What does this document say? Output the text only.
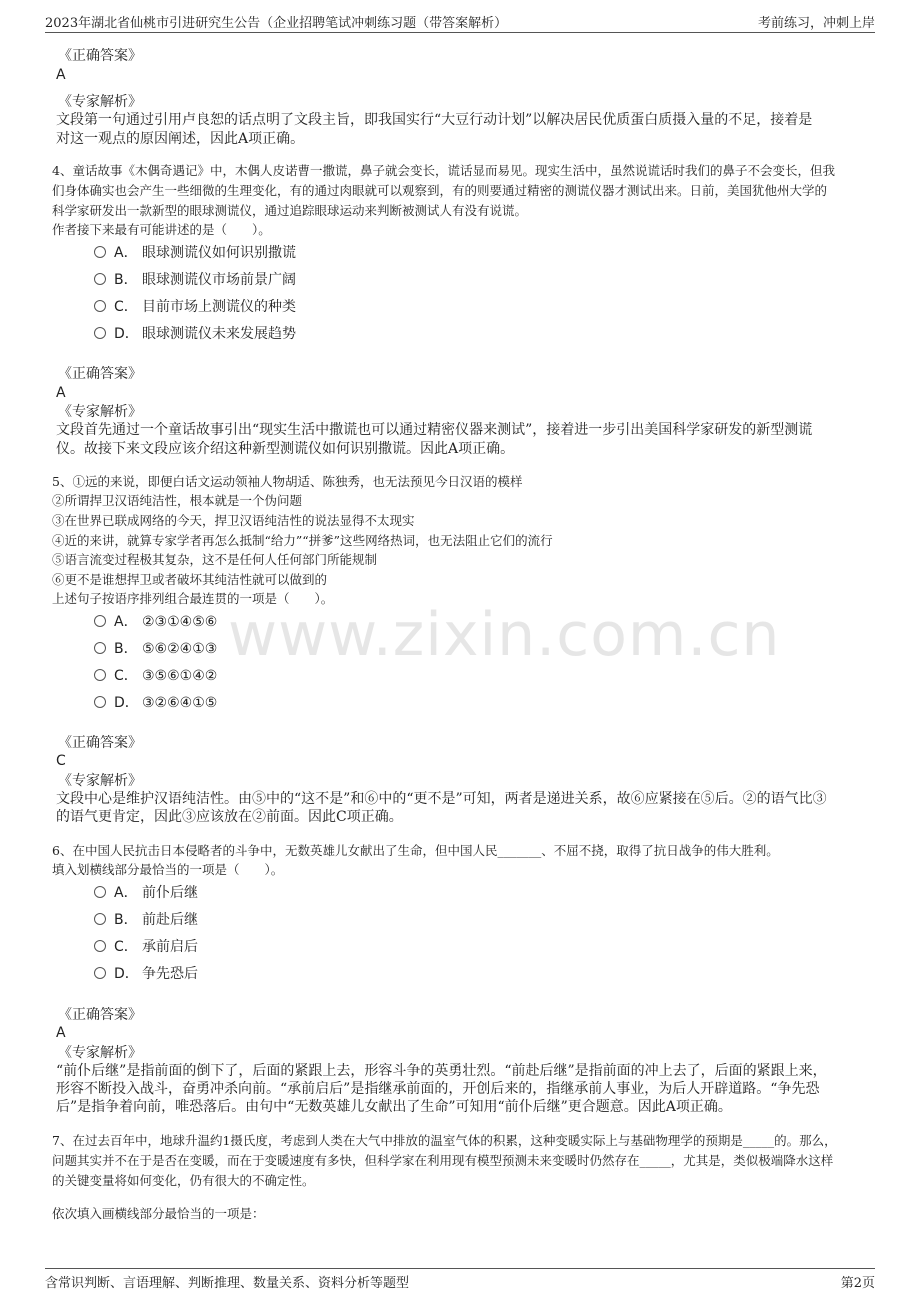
2023年湖北省仙桃市引进研究生公告（企业招聘笔试冲刺练习题（带答案解析）	考前练习，冲刺上岸
www.zixin.com.cn
《正确答案》
A
《专家解析》
文段第一句通过引用卢良恕的话点明了文段主旨，即我国实行“大豆行动计划”以解决居民优质蛋白质摄入量的不足，接着是
对这一观点的原因阐述，因此A项正确。
4、童话故事《木偶奇遇记》中，木偶人皮诺曹一撒谎，鼻子就会变长，谎话显而易见。现实生活中，虽然说谎话时我们的鼻子不会变长，但我
们身体确实也会产生一些细微的生理变化，有的通过肉眼就可以观察到，有的则要通过精密的测谎仪器才测试出来。日前，美国犹他州大学的
科学家研发出一款新型的眼球测谎仪，通过追踪眼球运动来判断被测试人有没有说谎。
作者接下来最有可能讲述的是（　　）。
A． 眼球测谎仪如何识别撒谎
B． 眼球测谎仪市场前景广阔
C． 目前市场上测谎仪的种类
D． 眼球测谎仪未来发展趋势
《正确答案》
A
《专家解析》
文段首先通过一个童话故事引出“现实生活中撒谎也可以通过精密仪器来测试”，接着进一步引出美国科学家研发的新型测谎
仪。故接下来文段应该介绍这种新型测谎仪如何识别撒谎。因此A项正确。
5、①远的来说，即便白话文运动领袖人物胡适、陈独秀，也无法预见今日汉语的模样
②所谓捍卫汉语纯洁性，根本就是一个伪问题
③在世界已联成网络的今天，捍卫汉语纯洁性的说法显得不太现实
④近的来讲，就算专家学者再怎么抵制“给力”“拼爹”这些网络热词，也无法阻止它们的流行
⑤语言流变过程极其复杂，这不是任何人任何部门所能规制
⑥更不是谁想捍卫或者破坏其纯洁性就可以做到的
上述句子按语序排列组合最连贯的一项是（　　）。
A． ②③①④⑤⑥
B． ⑤⑥②④①③
C． ③⑤⑥①④②
D． ③②⑥④①⑤
《正确答案》
C
《专家解析》
文段中心是维护汉语纯洁性。由⑤中的“这不是”和⑥中的“更不是”可知，两者是递进关系，故⑥应紧接在⑤后。②的语气比③
的语气更肯定，因此③应该放在②前面。因此C项正确。
6、在中国人民抗击日本侵略者的斗争中，无数英雄儿女献出了生命，但中国人民_______、不屈不挠，取得了抗日战争的伟大胜利。
填入划横线部分最恰当的一项是（　　）。
A． 前仆后继
B． 前赴后继
C． 承前启后
D． 争先恐后
《正确答案》
A
《专家解析》
“前仆后继”是指前面的倒下了，后面的紧跟上去，形容斗争的英勇壮烈。“前赴后继”是指前面的冲上去了，后面的紧跟上来，
形容不断投入战斗，奋勇冲杀向前。“承前启后”是指继承前面的，开创后来的，指继承前人事业，为后人开辟道路。“争先恐
后”是指争着向前，唯恐落后。由句中“无数英雄儿女献出了生命”可知用“前仆后继”更合题意。因此A项正确。
7、在过去百年中，地球升温约1摄氏度，考虑到人类在大气中排放的温室气体的积累，这种变暖实际上与基础物理学的预期是_____的。那么，
问题其实并不在于是否在变暖，而在于变暖速度有多快，但科学家在利用现有模型预测未来变暖时仍然存在_____，尤其是，类似极端降水这样
的关键变量将如何变化，仍有很大的不确定性。
依次填入画横线部分最恰当的一项是：
含常识判断、言语理解、判断推理、数量关系、资料分析等题型	第2页
